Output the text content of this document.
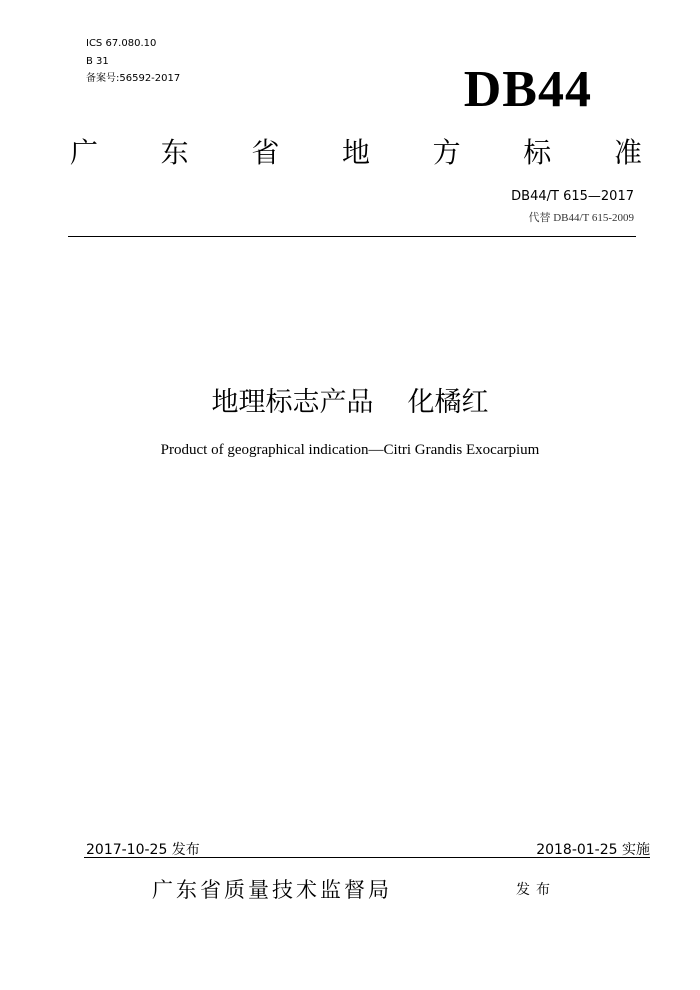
ICS 67.080.10
B 31
备案号:56592-2017	DB44
广 东 省 地 方 标 准
DB44/T 615—2017
代替 DB44/T 615-2009
地理标志产品 化橘红
Product of geographical indication—Citri Grandis Exocarpium
2017-10-25 发布	2018-01-25 实施
广东省质量技术监督局	发布
